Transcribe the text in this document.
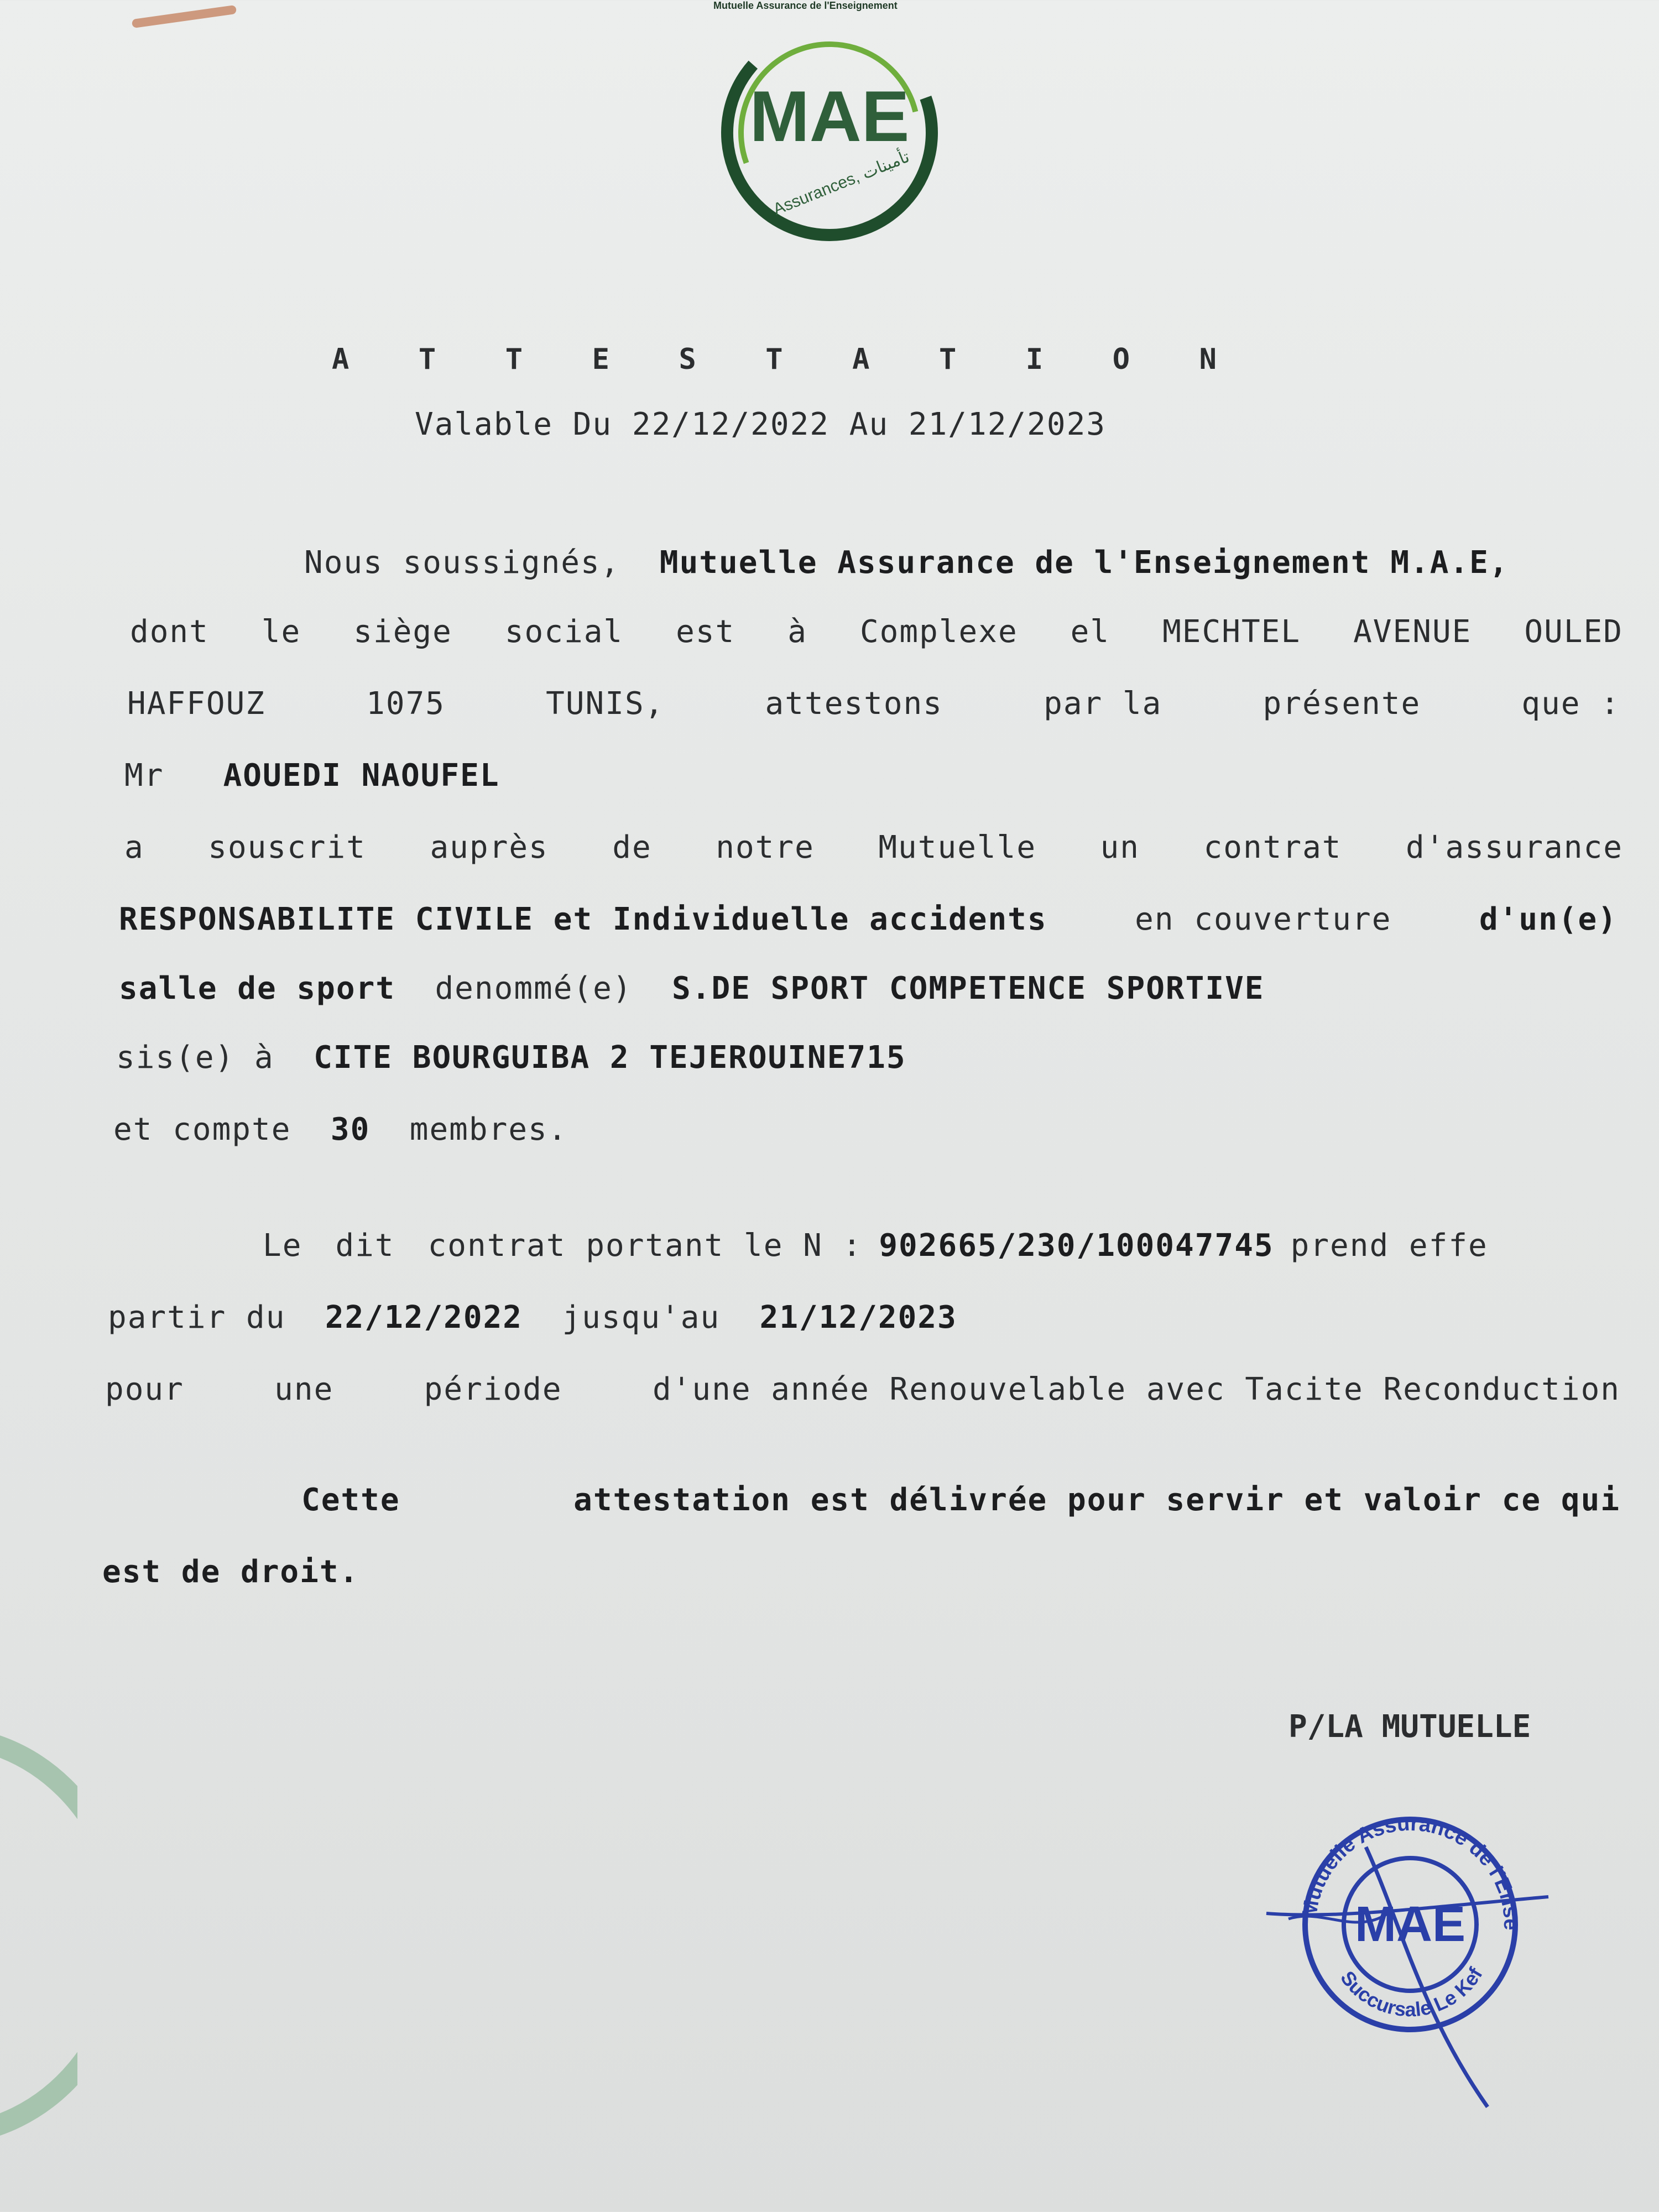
Mutuelle Assurance de l'Enseignement
MAE
Assurances, تأمينات
A T T E S T A T I O N
Valable Du 22/12/2022 Au 21/12/2023
Nous soussignés, Mutuelle Assurance de l'Enseignement M.A.E,
dont le siège social est à Complexe el MECHTEL AVENUE OULED
HAFFOUZ	1075	TUNIS,	attestons	par la	présente	que :
Mr AOUEDI NAOUFEL
a souscrit auprès de notre Mutuelle un contrat d'assurance
RESPONSABILITE CIVILE et Individuelle accidents	en couverture	d'un(e)
salle de sport denommé(e) S.DE SPORT COMPETENCE SPORTIVE
sis(e) à CITE BOURGUIBA 2 TEJEROUINE715
et compte 30 membres.
Le dit contrat portant le N : 902665/230/100047745 prend effe
partir du 22/12/2022 jusqu'au 21/12/2023
pour	une	période	d'une année Renouvelable avec Tacite Reconduction
Cette	attestation est délivrée pour servir et valoir ce qui
est de droit.
P/LA MUTUELLE
Mutuelle Assurance de l'Ense
MAE
Succursale Le Kef
